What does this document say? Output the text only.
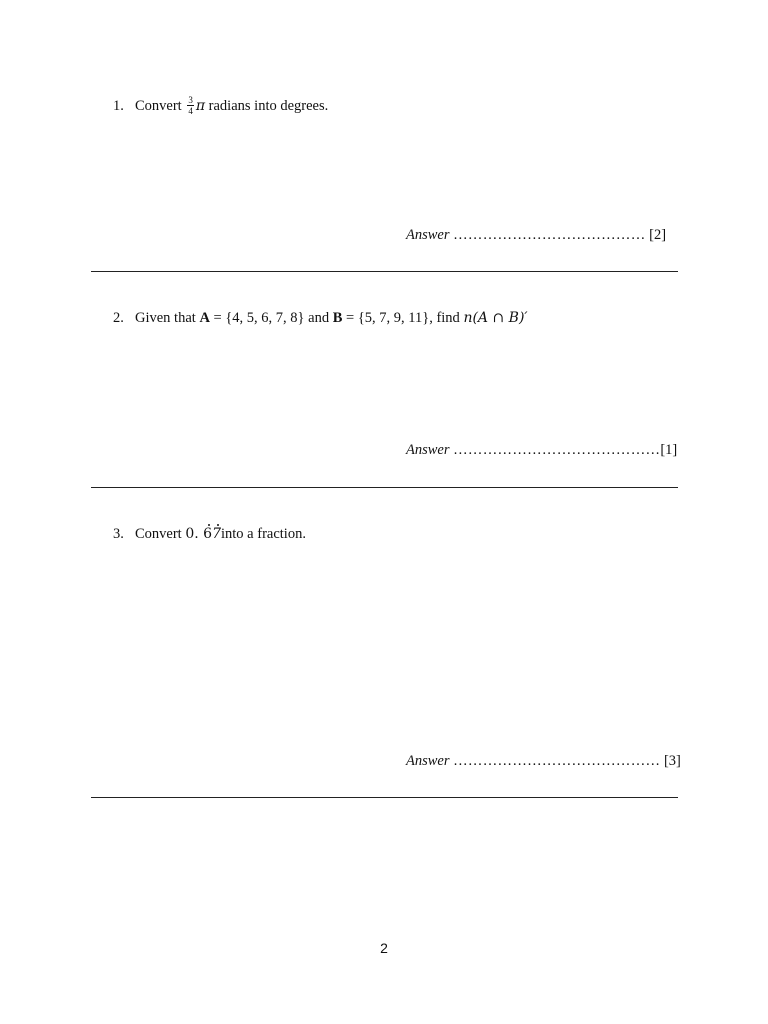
1. Convert $\frac{3}{4}$ π radians into degrees.
Answer ………………………………… [2]
2. Given that A = {4, 5, 6, 7, 8} and B = {5, 7, 9, 11}, find n(A ∩ B)′
Answer ……………………………………[1]
3. Convert 0. 67into a fraction.
Answer …………………………………… [3]
2
